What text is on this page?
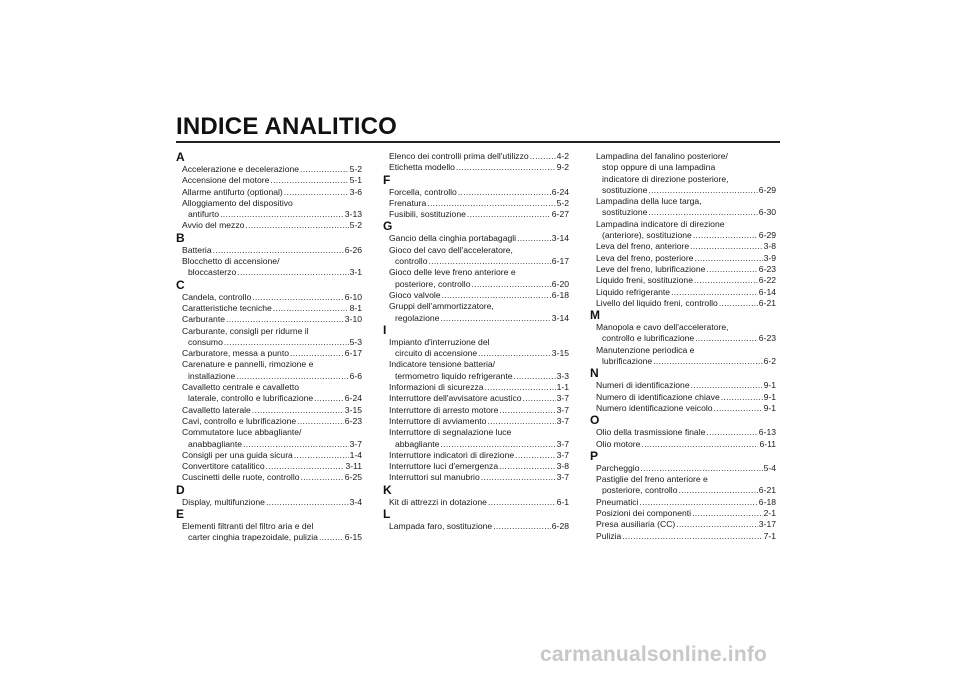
INDICE ANALITICO
A
Accelerazione e decelerazione .....	5-2
Accensione del motore .....	5-1
Allarme antifurto (optional) .....	3-6
Alloggiamento del dispositivo
antifurto .....	3-13
Avvio del mezzo .....	5-2
B
Batteria .....	6-26
Blocchetto di accensione/
bloccasterzo .....	3-1
C
Candela, controllo .....	6-10
Caratteristiche tecniche .....	8-1
Carburante .....	3-10
Carburante, consigli per ridurne il
consumo .....	5-3
Carburatore, messa a punto .....	6-17
Carenature e pannelli, rimozione e
installazione .....	6-6
Cavalletto centrale e cavalletto
laterale, controllo e lubrificazione .....	6-24
Cavalletto laterale .....	3-15
Cavi, controllo e lubrificazione .....	6-23
Commutatore luce abbagliante/
anabbagliante .....	3-7
Consigli per una guida sicura .....	1-4
Convertitore catalitico .....	3-11
Cuscinetti delle ruote, controllo .....	6-25
D
Display, multifunzione .....	3-4
E
Elementi filtranti del filtro aria e del
carter cinghia trapezoidale, pulizia .....	6-15
Elenco dei controlli prima dell'utilizzo .....	4-2
Etichetta modello .....	9-2
F
Forcella, controllo .....	6-24
Frenatura .....	5-2
Fusibili, sostituzione .....	6-27
G
Gancio della cinghia portabagagli .....	3-14
Gioco del cavo dell'acceleratore,
controllo .....	6-17
Gioco delle leve freno anteriore e
posteriore, controllo .....	6-20
Gioco valvole .....	6-18
Gruppi dell'ammortizzatore,
regolazione .....	3-14
I
Impianto d'interruzione del
circuito di accensione .....	3-15
Indicatore tensione batteria/
termometro liquido refrigerante .....	3-3
Informazioni di sicurezza .....	1-1
Interruttore dell'avvisatore acustico .....	3-7
Interruttore di arresto motore .....	3-7
Interruttore di avviamento .....	3-7
Interruttore di segnalazione luce
abbagliante .....	3-7
Interruttore indicatori di direzione .....	3-7
Interruttore luci d'emergenza .....	3-8
Interruttori sul manubrio .....	3-7
K
Kit di attrezzi in dotazione .....	6-1
L
Lampada faro, sostituzione .....	6-28
Lampadina del fanalino posteriore/
stop oppure di una lampadina
indicatore di direzione posteriore,
sostituzione .....	6-29
Lampadina della luce targa,
sostituzione .....	6-30
Lampadina indicatore di direzione
(anteriore), sostituzione .....	6-29
Leva del freno, anteriore .....	3-8
Leva del freno, posteriore .....	3-9
Leve del freno, lubrificazione .....	6-23
Liquido freni, sostituzione .....	6-22
Liquido refrigerante .....	6-14
Livello del liquido freni, controllo .....	6-21
M
Manopola e cavo dell'acceleratore,
controllo e lubrificazione .....	6-23
Manutenzione periodica e
lubrificazione .....	6-2
N
Numeri di identificazione .....	9-1
Numero di identificazione chiave .....	9-1
Numero identificazione veicolo .....	9-1
O
Olio della trasmissione finale .....	6-13
Olio motore .....	6-11
P
Parcheggio .....	5-4
Pastiglie del freno anteriore e
posteriore, controllo .....	6-21
Pneumatici .....	6-18
Posizioni dei componenti .....	2-1
Presa ausiliaria (CC) .....	3-17
Pulizia .....	7-1
carmanualsonline.info
